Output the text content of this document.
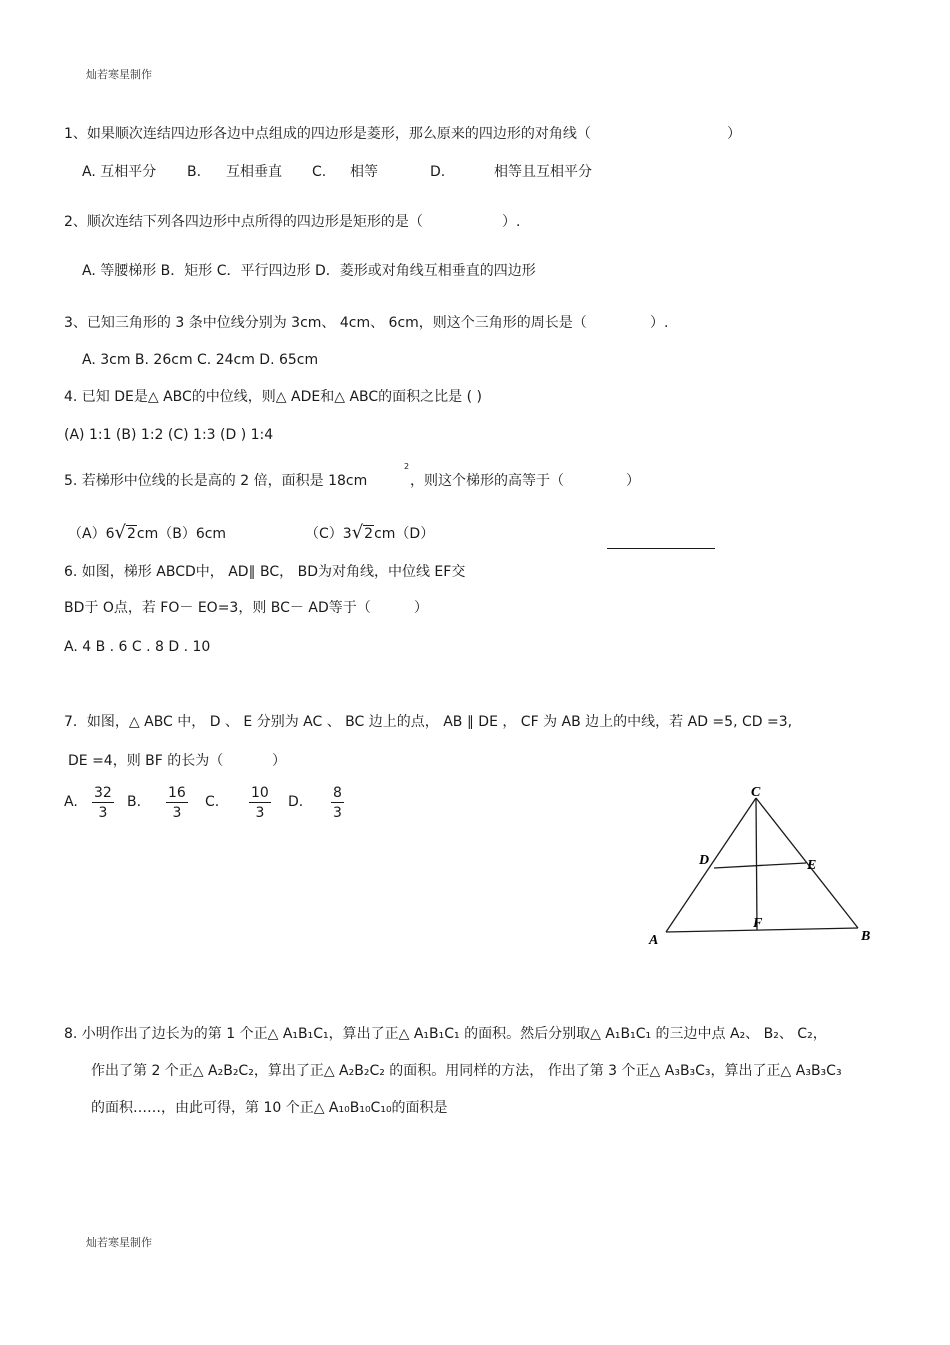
灿若寒星制作
1、如果顺次连结四边形各边中点组成的四边形是菱形，那么原来的四边形的对角线（	）
A. 互相平分 B. 互相垂直 C. 相等	D.	相等且互相平分
2、顺次连结下列各四边形中点所得的四边形是矩形的是（	）.
A. 等腰梯形 B．矩形 C．平行四边形 D．菱形或对角线互相垂直的四边形
3、已知三角形的 3 条中位线分别为 3cm、 4cm、 6cm，则这个三角形的周长是（	）.
A. 3cm B. 26cm C. 24cm D. 65cm
4. 已知 DE是△ ABC的中位线，则△ ADE和△ ABC的面积之比是 ( )
(A) 1:1 (B) 1:2 (C) 1:3 (D ) 1:4
5. 若梯形中位线的长是高的 2 倍，面积是 18cm
2
，则这个梯形的高等于（	）
（A）6√2cm（B）6cm	（C）3√2cm（D）
6. 如图，梯形 ABCD中， AD∥ BC， BD为对角线，中位线 EF交
BD于 O点，若 FO－ EO=3，则 BC－ AD等于（	）
A. 4 B . 6 C . 8 D . 10
7．如图，△ ABC 中， D 、 E 分别为 AC 、 BC 边上的点， AB ∥ DE ， CF 为 AB 边上的中线，若 AD =5, CD =3,
DE =4，则 BF 的长为（	）
A. $\frac{32}{3} B$. $\frac{16}{3} C$. $\frac{10}{3} D$. $\frac{8}{3}$	C
D	E
F
A	B
8. 小明作出了边长为的第 1 个正△ A₁B₁C₁，算出了正△ A₁B₁C₁ 的面积。然后分别取△ A₁B₁C₁ 的三边中点 A₂、 B₂、 C₂，
作出了第 2 个正△ A₂B₂C₂，算出了正△ A₂B₂C₂ 的面积。用同样的方法， 作出了第 3 个正△ A₃B₃C₃，算出了正△ A₃B₃C₃
的面积……，由此可得，第 10 个正△ A₁₀B₁₀C₁₀的面积是
灿若寒星制作
